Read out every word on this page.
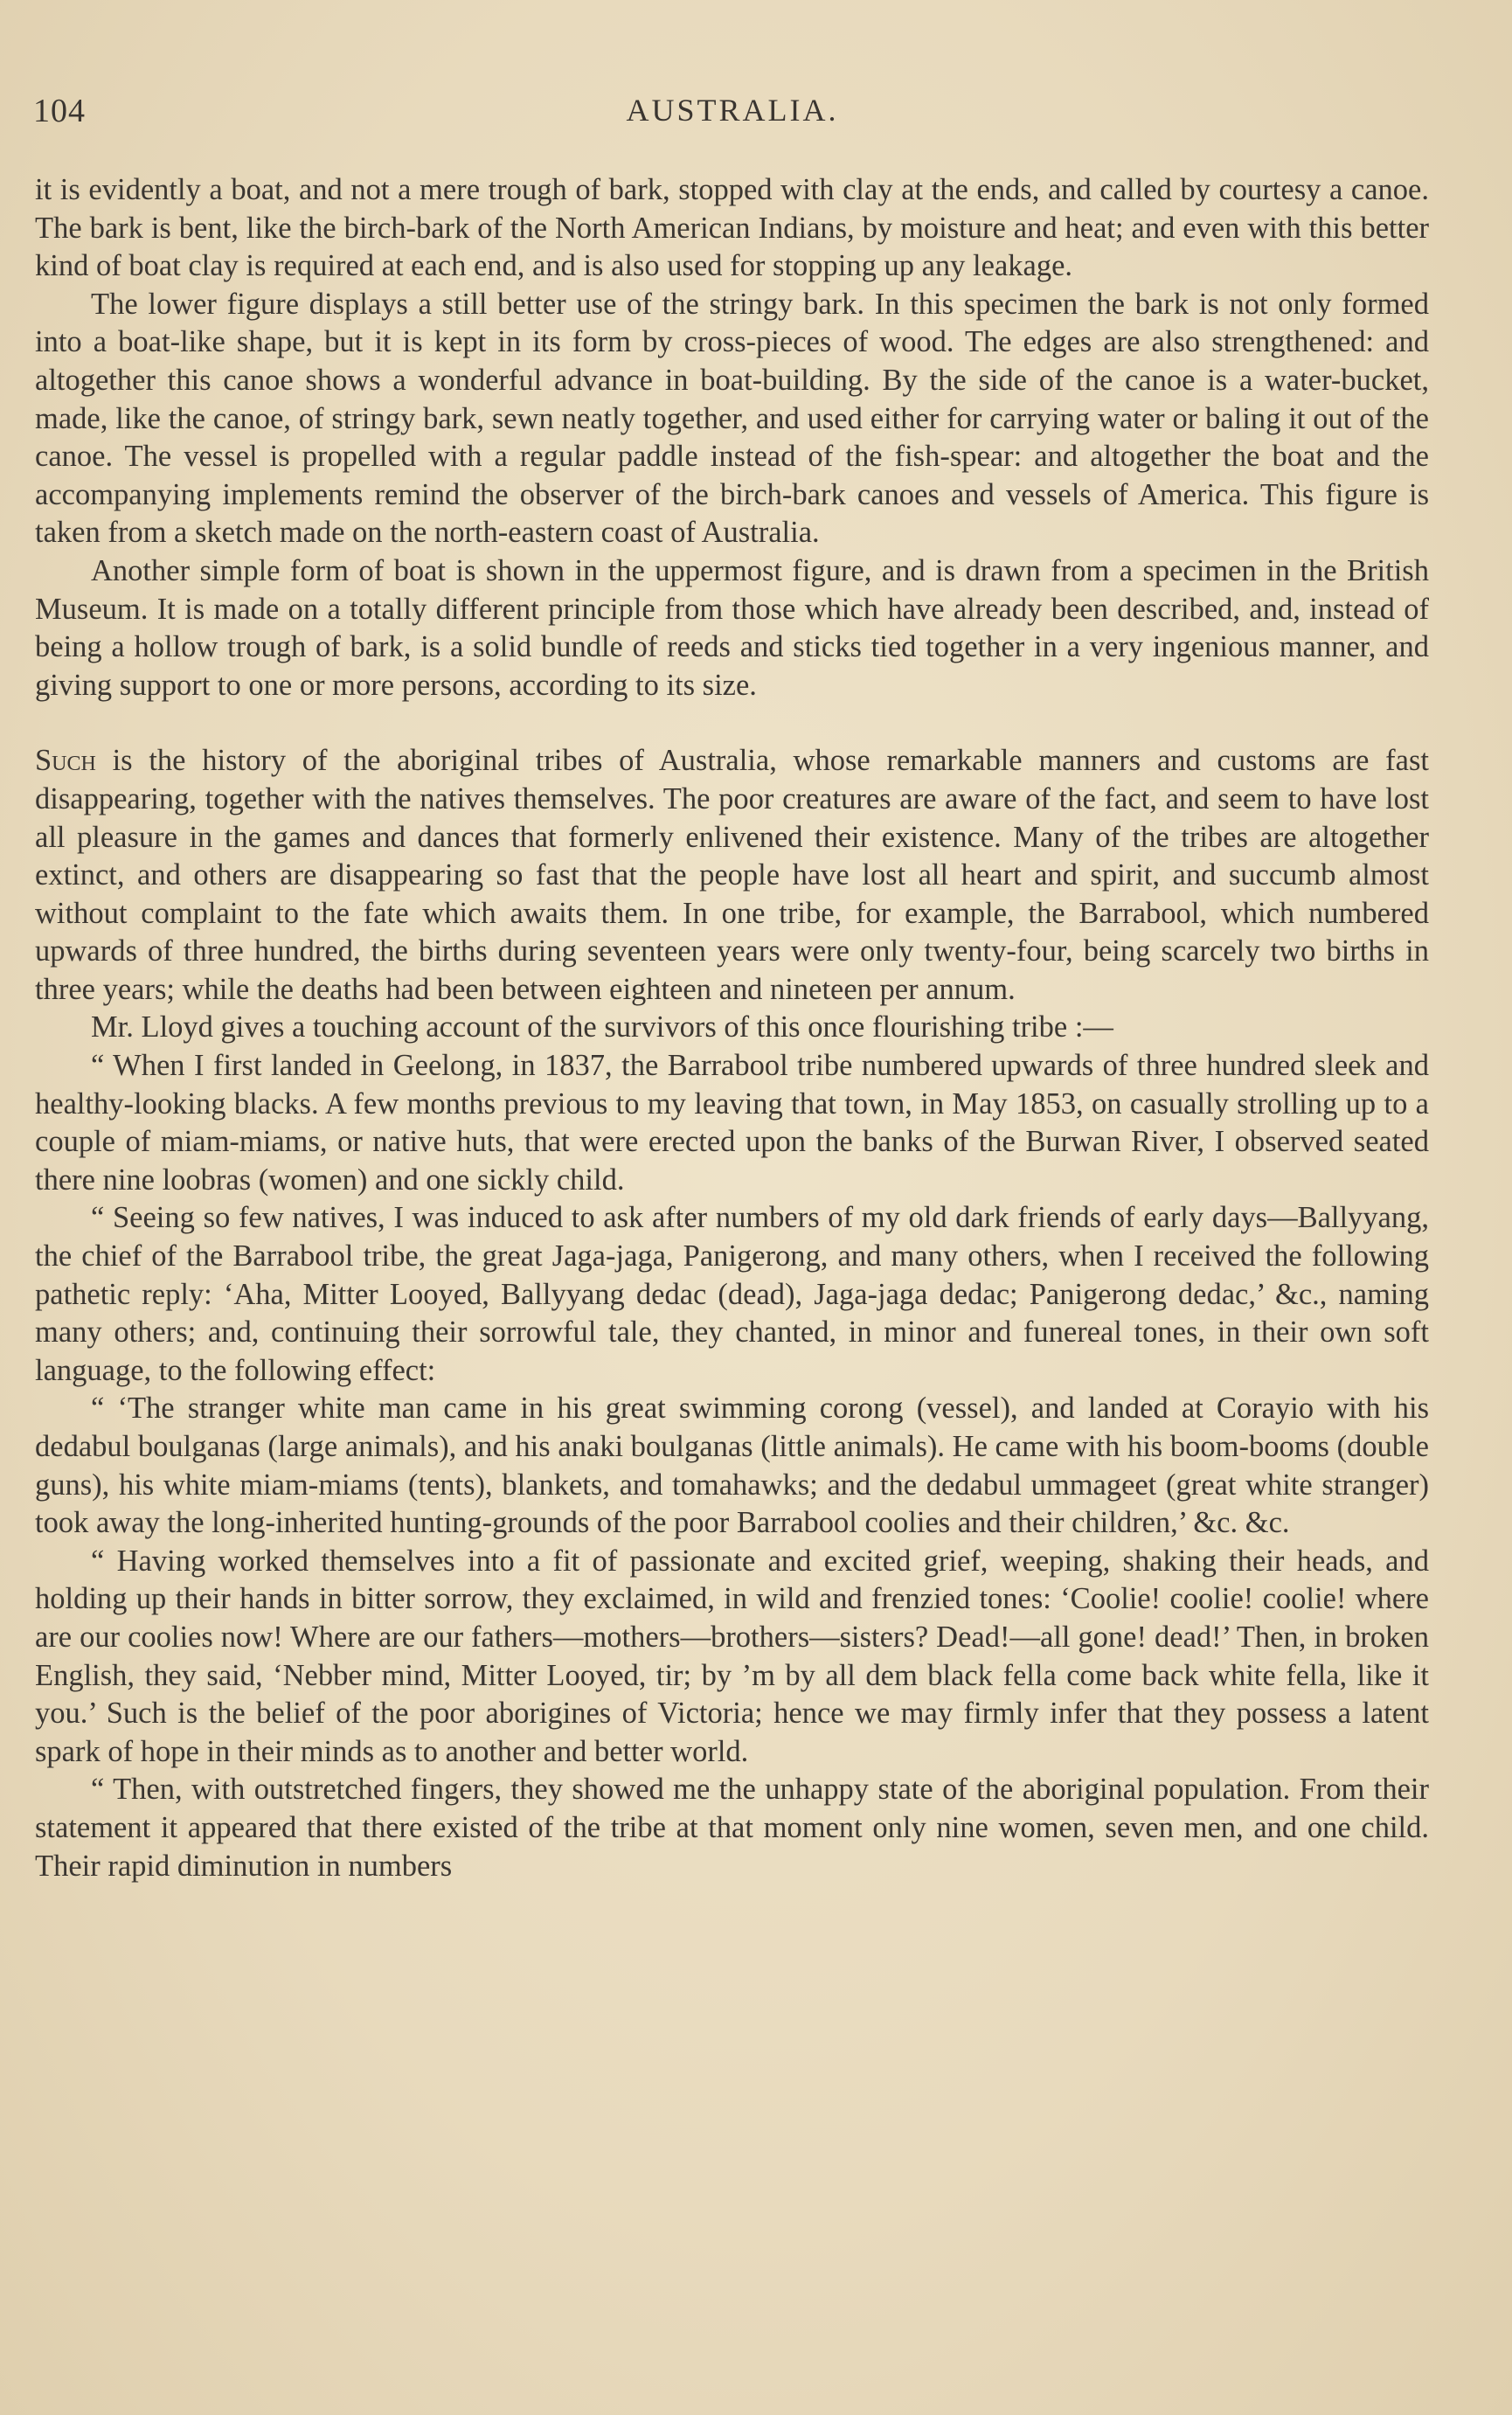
104	AUSTRALIA.

it is evidently a boat, and not a mere trough of bark, stopped with clay at the ends, and called by courtesy a canoe. The bark is bent, like the birch-bark of the North American Indians, by moisture and heat; and even with this better kind of boat clay is required at each end, and is also used for stopping up any leakage.

The lower figure displays a still better use of the stringy bark. In this specimen the bark is not only formed into a boat-like shape, but it is kept in its form by cross-pieces of wood. The edges are also strengthened: and altogether this canoe shows a wonderful advance in boat-building. By the side of the canoe is a water-bucket, made, like the canoe, of stringy bark, sewn neatly together, and used either for carrying water or baling it out of the canoe. The vessel is propelled with a regular paddle instead of the fish-spear: and altogether the boat and the accompanying implements remind the observer of the birch-bark canoes and vessels of America. This figure is taken from a sketch made on the north-eastern coast of Australia.

Another simple form of boat is shown in the uppermost figure, and is drawn from a specimen in the British Museum. It is made on a totally different principle from those which have already been described, and, instead of being a hollow trough of bark, is a solid bundle of reeds and sticks tied together in a very ingenious manner, and giving support to one or more persons, according to its size.

Such is the history of the aboriginal tribes of Australia, whose remarkable manners and customs are fast disappearing, together with the natives themselves. The poor creatures are aware of the fact, and seem to have lost all pleasure in the games and dances that formerly enlivened their existence. Many of the tribes are altogether extinct, and others are disappearing so fast that the people have lost all heart and spirit, and succumb almost without complaint to the fate which awaits them. In one tribe, for example, the Barrabool, which numbered upwards of three hundred, the births during seventeen years were only twenty-four, being scarcely two births in three years; while the deaths had been between eighteen and nineteen per annum.

Mr. Lloyd gives a touching account of the survivors of this once flourishing tribe :—

“ When I first landed in Geelong, in 1837, the Barrabool tribe numbered upwards of three hundred sleek and healthy-looking blacks. A few months previous to my leaving that town, in May 1853, on casually strolling up to a couple of miam-miams, or native huts, that were erected upon the banks of the Burwan River, I observed seated there nine loobras (women) and one sickly child.

“ Seeing so few natives, I was induced to ask after numbers of my old dark friends of early days—Ballyyang, the chief of the Barrabool tribe, the great Jaga-jaga, Panigerong, and many others, when I received the following pathetic reply: ‘Aha, Mitter Looyed, Ballyyang dedac (dead), Jaga-jaga dedac; Panigerong dedac,’ &c., naming many others; and, continuing their sorrowful tale, they chanted, in minor and funereal tones, in their own soft language, to the following effect:

“ ‘The stranger white man came in his great swimming corong (vessel), and landed at Corayio with his dedabul boulganas (large animals), and his anaki boulganas (little animals). He came with his boom-booms (double guns), his white miam-miams (tents), blankets, and tomahawks; and the dedabul ummageet (great white stranger) took away the long-inherited hunting-grounds of the poor Barrabool coolies and their children,’ &c. &c.

“ Having worked themselves into a fit of passionate and excited grief, weeping, shaking their heads, and holding up their hands in bitter sorrow, they exclaimed, in wild and frenzied tones: ‘Coolie! coolie! coolie! where are our coolies now! Where are our fathers—mothers—brothers—sisters? Dead!—all gone! dead!’ Then, in broken English, they said, ‘Nebber mind, Mitter Looyed, tir; by ’m by all dem black fella come back white fella, like it you.’ Such is the belief of the poor aborigines of Victoria; hence we may firmly infer that they possess a latent spark of hope in their minds as to another and better world.

“ Then, with outstretched fingers, they showed me the unhappy state of the aboriginal population. From their statement it appeared that there existed of the tribe at that moment only nine women, seven men, and one child. Their rapid diminution in numbers
